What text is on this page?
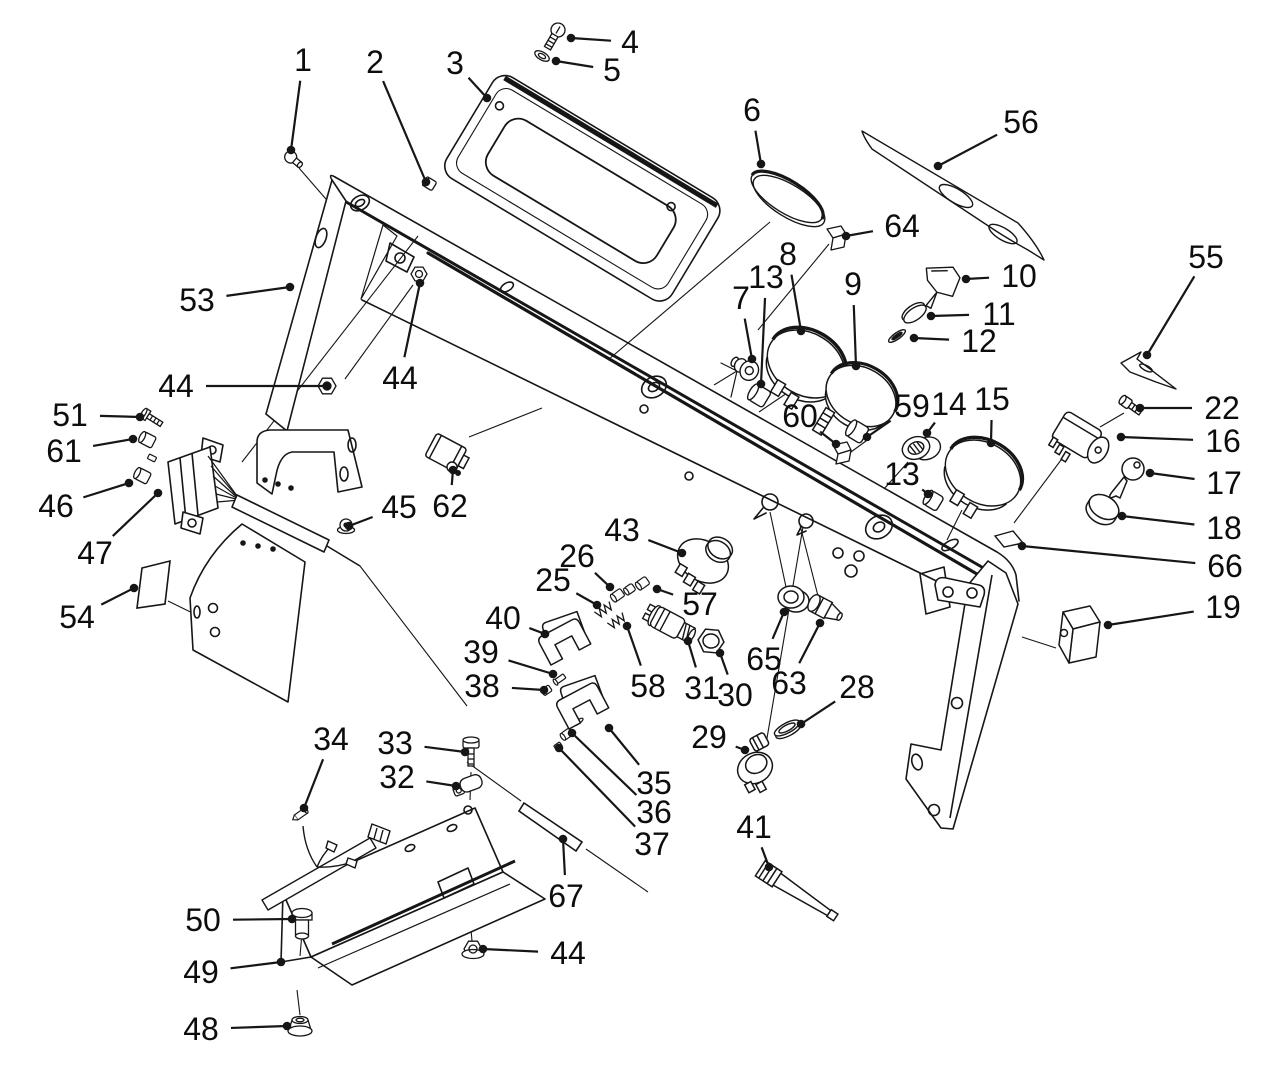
1 2 3
4
5
6
7
8
9	10
11
12
13
13
14 15
16
17
18
19
22
25
26
28
29
30
31
32
33
34
35
36
37
38
39
40
41
43
44	44
44
45
46
47
48
49
50
51
53
54
55
56
57
58
59
60
61
62
63
64
65
66
67
